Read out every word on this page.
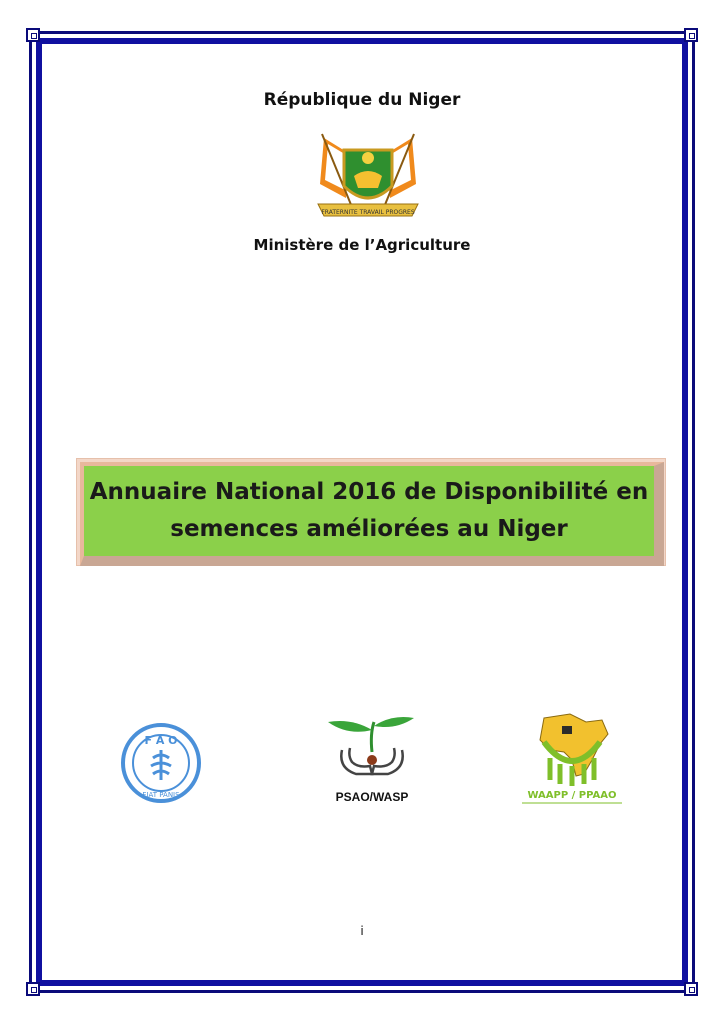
République du Niger
FRATERNITE TRAVAIL PROGRES
Ministère de l’Agriculture
Annuaire National 2016 de Disponibilité en
semences améliorées au Niger
F A O
FIAT PANIS	PSAO/WASP	WAAPP / PPAAO
i
